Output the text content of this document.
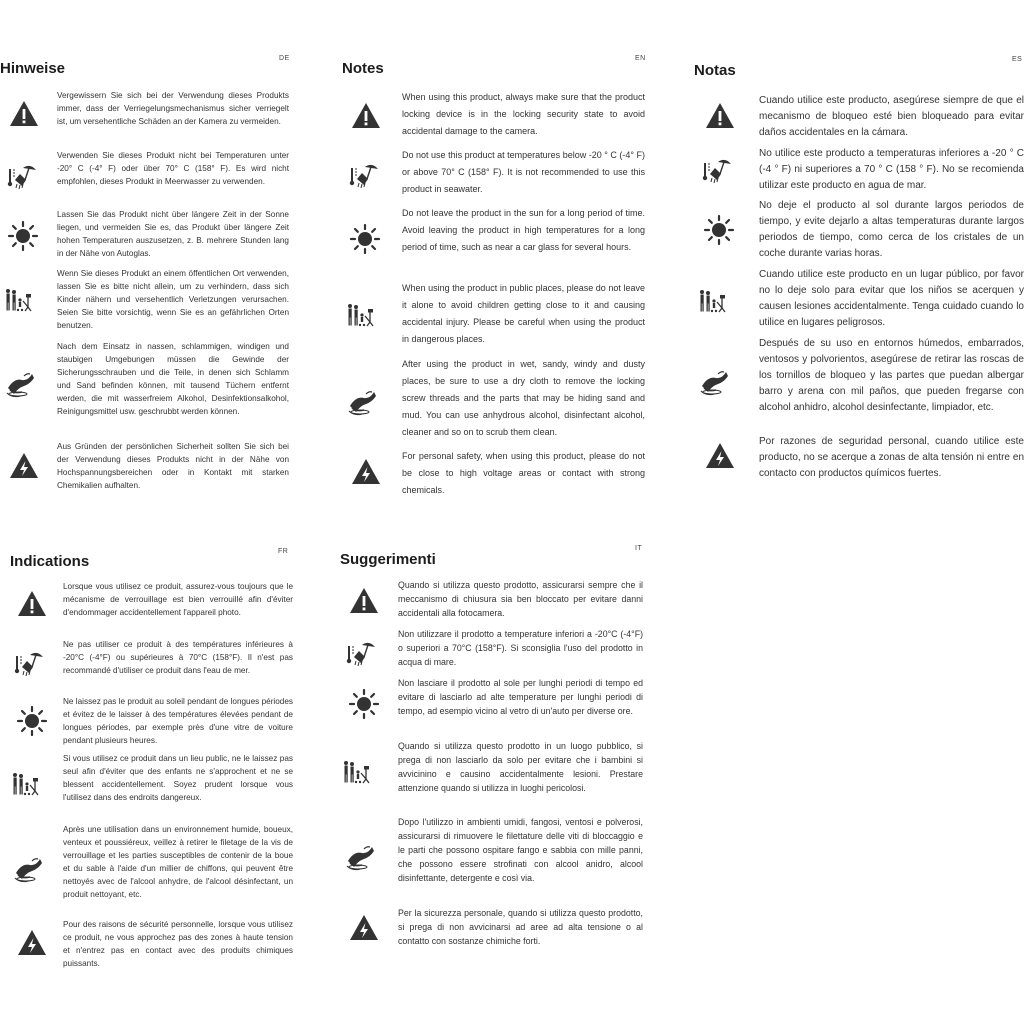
Hinweise
DE
Vergewissern Sie sich bei der Verwendung dieses Produkts immer, dass der Verriegelungsmechanismus sicher verriegelt ist, um versehentliche Schäden an der Kamera zu vermeiden.
Verwenden Sie dieses Produkt nicht bei Temperaturen unter -20° C (-4° F) oder über 70° C (158° F). Es wird nicht empfohlen, dieses Produkt in Meerwasser zu verwenden.
Lassen Sie das Produkt nicht über längere Zeit in der Sonne liegen, und vermeiden Sie es, das Produkt über längere Zeit hohen Temperaturen auszusetzen, z. B. mehrere Stunden lang in der Nähe von Autoglas.
Wenn Sie dieses Produkt an einem öffentlichen Ort verwenden, lassen Sie es bitte nicht allein, um zu verhindern, dass sich Kinder nähern und versehentlich Verletzungen verursachen. Seien Sie bitte vorsichtig, wenn Sie es an gefährlichen Orten benutzen.
Nach dem Einsatz in nassen, schlammigen, windigen und staubigen Umgebungen müssen die Gewinde der Sicherungsschrauben und die Teile, in denen sich Schlamm und Sand befinden können, mit tausend Tüchern entfernt werden, die mit wasserfreiem Alkohol, Desinfektionsalkohol, Reinigungsmittel usw. geschrubbt werden können.
Aus Gründen der persönlichen Sicherheit sollten Sie sich bei der Verwendung dieses Produkts nicht in der Nähe von Hochspannungsbereichen oder in Kontakt mit starken Chemikalien aufhalten.
Notes
EN
When using this product, always make sure that the product locking device is in the locking security state to avoid accidental damage to the camera.
Do not use this product at temperatures below -20 ° C (-4° F) or above 70° C (158° F). It is not recommended to use this product in seawater.
Do not leave the product in the sun for a long period of time. Avoid leaving the product in high temperatures for a long period of time, such as near a car glass for several hours.
When using the product in public places, please do not leave it alone to avoid children getting close to it and causing accidental injury. Please be careful when using the product in dangerous places.
After using the product in wet, sandy, windy and dusty places, be sure to use a dry cloth to remove the locking screw threads and the parts that may be hiding sand and mud. You can use anhydrous alcohol, disinfectant alcohol, cleaner and so on to scrub them clean.
For personal safety, when using this product, please do not be close to high voltage areas or contact with strong chemicals.
Notas
ES
Cuando utilice este producto, asegúrese siempre de que el mecanismo de bloqueo esté bien bloqueado para evitar daños accidentales en la cámara.
No utilice este producto a temperaturas inferiores a -20 ° C (-4 ° F) ni superiores a 70 ° C (158 ° F). No se recomienda utilizar este producto en agua de mar.
No deje el producto al sol durante largos periodos de tiempo, y evite dejarlo a altas temperaturas durante largos periodos de tiempo, como cerca de los cristales de un coche durante varias horas.
Cuando utilice este producto en un lugar público, por favor no lo deje solo para evitar que los niños se acerquen y causen lesiones accidentalmente. Tenga cuidado cuando lo utilice en lugares peligrosos.
Después de su uso en entornos húmedos, embarrados, ventosos y polvorientos, asegúrese de retirar las roscas de los tornillos de bloqueo y las partes que puedan albergar barro y arena con mil paños, que pueden fregarse con alcohol anhidro, alcohol desinfectante, limpiador, etc.
Por razones de seguridad personal, cuando utilice este producto, no se acerque a zonas de alta tensión ni entre en contacto con productos químicos fuertes.
Indications
FR
Lorsque vous utilisez ce produit, assurez-vous toujours que le mécanisme de verrouillage est bien verrouillé afin d'éviter d'endommager accidentellement l'appareil photo.
Ne pas utiliser ce produit à des températures inférieures à -20°C (-4°F) ou supérieures à 70°C (158°F). Il n'est pas recommandé d'utiliser ce produit dans l'eau de mer.
Ne laissez pas le produit au soleil pendant de longues périodes et évitez de le laisser à des températures élevées pendant de longues périodes, par exemple près d'une vitre de voiture pendant plusieurs heures.
Si vous utilisez ce produit dans un lieu public, ne le laissez pas seul afin d'éviter que des enfants ne s'approchent et ne se blessent accidentellement. Soyez prudent lorsque vous l'utilisez dans des endroits dangereux.
Après une utilisation dans un environnement humide, boueux, venteux et poussiéreux, veillez à retirer le filetage de la vis de verrouillage et les parties susceptibles de contenir de la boue et du sable à l'aide d'un millier de chiffons, qui peuvent être nettoyés avec de l'alcool anhydre, de l'alcool désinfectant, un produit nettoyant, etc.
Pour des raisons de sécurité personnelle, lorsque vous utilisez ce produit, ne vous approchez pas des zones à haute tension et n'entrez pas en contact avec des produits chimiques puissants.
Suggerimenti
IT
Quando si utilizza questo prodotto, assicurarsi sempre che il meccanismo di chiusura sia ben bloccato per evitare danni accidentali alla fotocamera.
Non utilizzare il prodotto a temperature inferiori a -20°C (-4°F) o superiori a 70°C (158°F). Si sconsiglia l'uso del prodotto in acqua di mare.
Non lasciare il prodotto al sole per lunghi periodi di tempo ed evitare di lasciarlo ad alte temperature per lunghi periodi di tempo, ad esempio vicino al vetro di un'auto per diverse ore.
Quando si utilizza questo prodotto in un luogo pubblico, si prega di non lasciarlo da solo per evitare che i bambini si avvicinino e causino accidentalmente lesioni. Prestare attenzione quando si utilizza in luoghi pericolosi.
Dopo l'utilizzo in ambienti umidi, fangosi, ventosi e polverosi, assicurarsi di rimuovere le filettature delle viti di bloccaggio e le parti che possono ospitare fango e sabbia con mille panni, che possono essere strofinati con alcool anidro, alcool disinfettante, detergente e così via.
Per la sicurezza personale, quando si utilizza questo prodotto, si prega di non avvicinarsi ad aree ad alta tensione o al contatto con sostanze chimiche forti.
